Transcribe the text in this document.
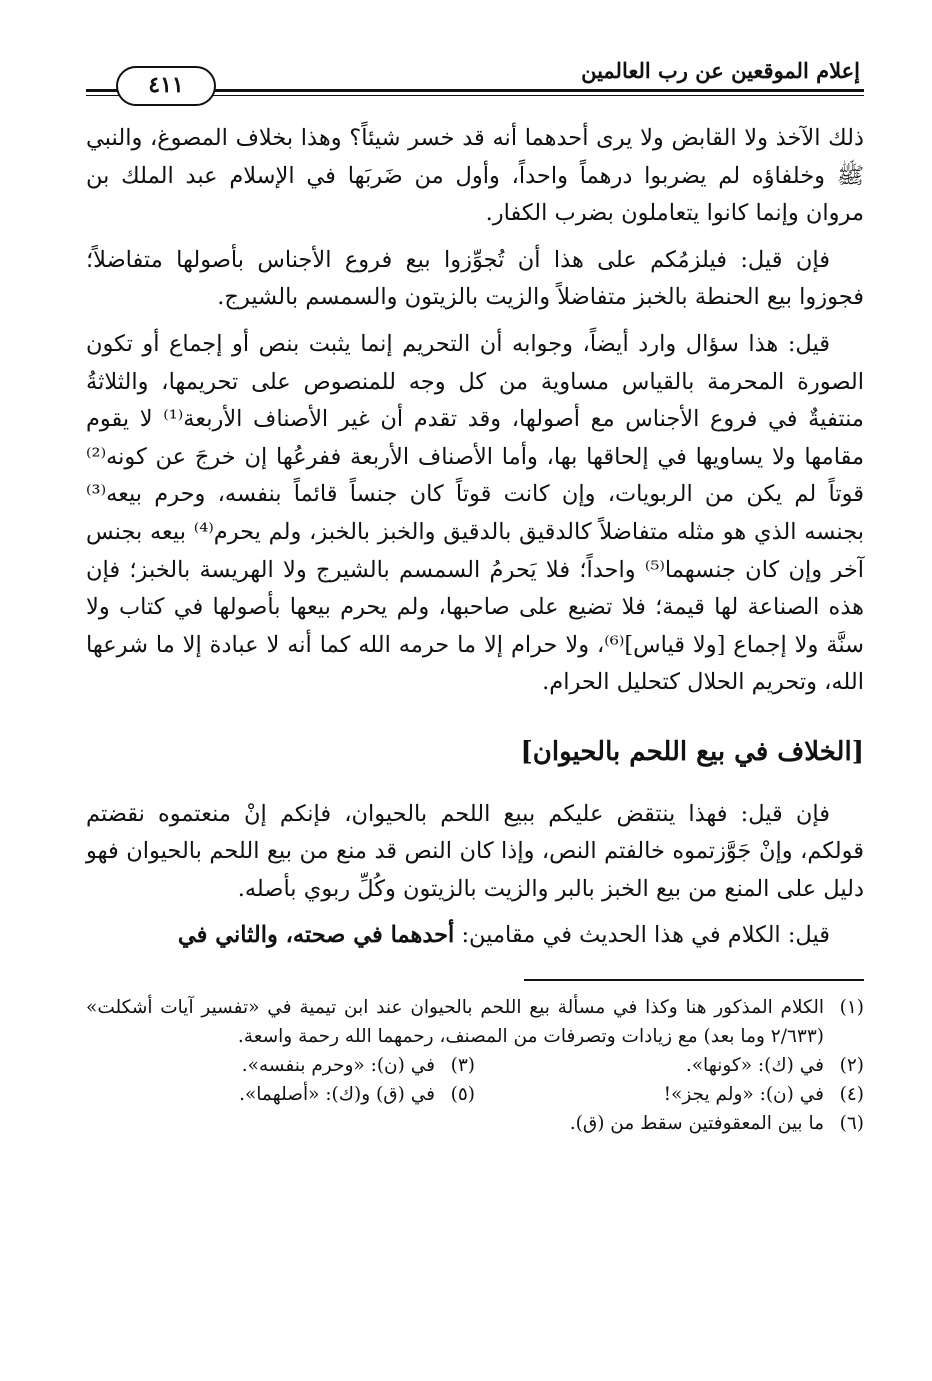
إعلام الموقعين عن رب العالمين
٤١١

ذلك الآخذ ولا القابض ولا يرى أحدهما أنه قد خسر شيئاً؟ وهذا بخلاف المصوغ، والنبي ﷺ وخلفاؤه لم يضربوا درهماً واحداً، وأول من ضَربَها في الإسلام عبد الملك بن مروان وإنما كانوا يتعاملون بضرب الكفار.

فإن قيل: فيلزمُكم على هذا أن تُجوِّزوا بيع فروع الأجناس بأصولها متفاضلاً؛ فجوزوا بيع الحنطة بالخبز متفاضلاً والزيت بالزيتون والسمسم بالشيرج.

قيل: هذا سؤال وارد أيضاً، وجوابه أن التحريم إنما يثبت بنص أو إجماع أو تكون الصورة المحرمة بالقياس مساوية من كل وجه للمنصوص على تحريمها، والثلاثةُ منتفيةٌ في فروع الأجناس مع أصولها، وقد تقدم أن غير الأصناف الأربعة⁽¹⁾ لا يقوم مقامها ولا يساويها في إلحاقها بها، وأما الأصناف الأربعة ففرعُها إن خرجَ عن كونه⁽²⁾ قوتاً لم يكن من الربويات، وإن كانت قوتاً كان جنساً قائماً بنفسه، وحرم بيعه⁽³⁾ بجنسه الذي هو مثله متفاضلاً كالدقيق بالدقيق والخبز بالخبز، ولم يحرم⁽⁴⁾ بيعه بجنس آخر وإن كان جنسهما⁽⁵⁾ واحداً؛ فلا يَحرمُ السمسم بالشيرج ولا الهريسة بالخبز؛ فإن هذه الصناعة لها قيمة؛ فلا تضيع على صاحبها، ولم يحرم بيعها بأصولها في كتاب ولا سنَّة ولا إجماع [ولا قياس]⁽⁶⁾، ولا حرام إلا ما حرمه الله كما أنه لا عبادة إلا ما شرعها الله، وتحريم الحلال كتحليل الحرام.

[الخلاف في بيع اللحم بالحيوان]

فإن قيل: فهذا ينتقض عليكم ببيع اللحم بالحيوان، فإنكم إنْ منعتموه نقضتم قولكم، وإنْ جَوَّزتموه خالفتم النص، وإذا كان النص قد منع من بيع اللحم بالحيوان فهو دليل على المنع من بيع الخبز بالبر والزيت بالزيتون وكُلِّ ربوي بأصله.

قيل: الكلام في هذا الحديث في مقامين: أحدهما في صحته، والثاني في

(١)
الكلام المذكور هنا وكذا في مسألة بيع اللحم بالحيوان عند ابن تيمية في «تفسير آيات أشكلت» (٢/٦٣٣ وما بعد) مع زيادات وتصرفات من المصنف، رحمهما الله رحمة واسعة.
(٢)
في (ك): «كونها».
(٣)
في (ن): «وحرم بنفسه».
(٤)
في (ن): «ولم يجز»!
(٥)
في (ق) و(ك): «أصلهما».
(٦)
ما بين المعقوفتين سقط من (ق).
